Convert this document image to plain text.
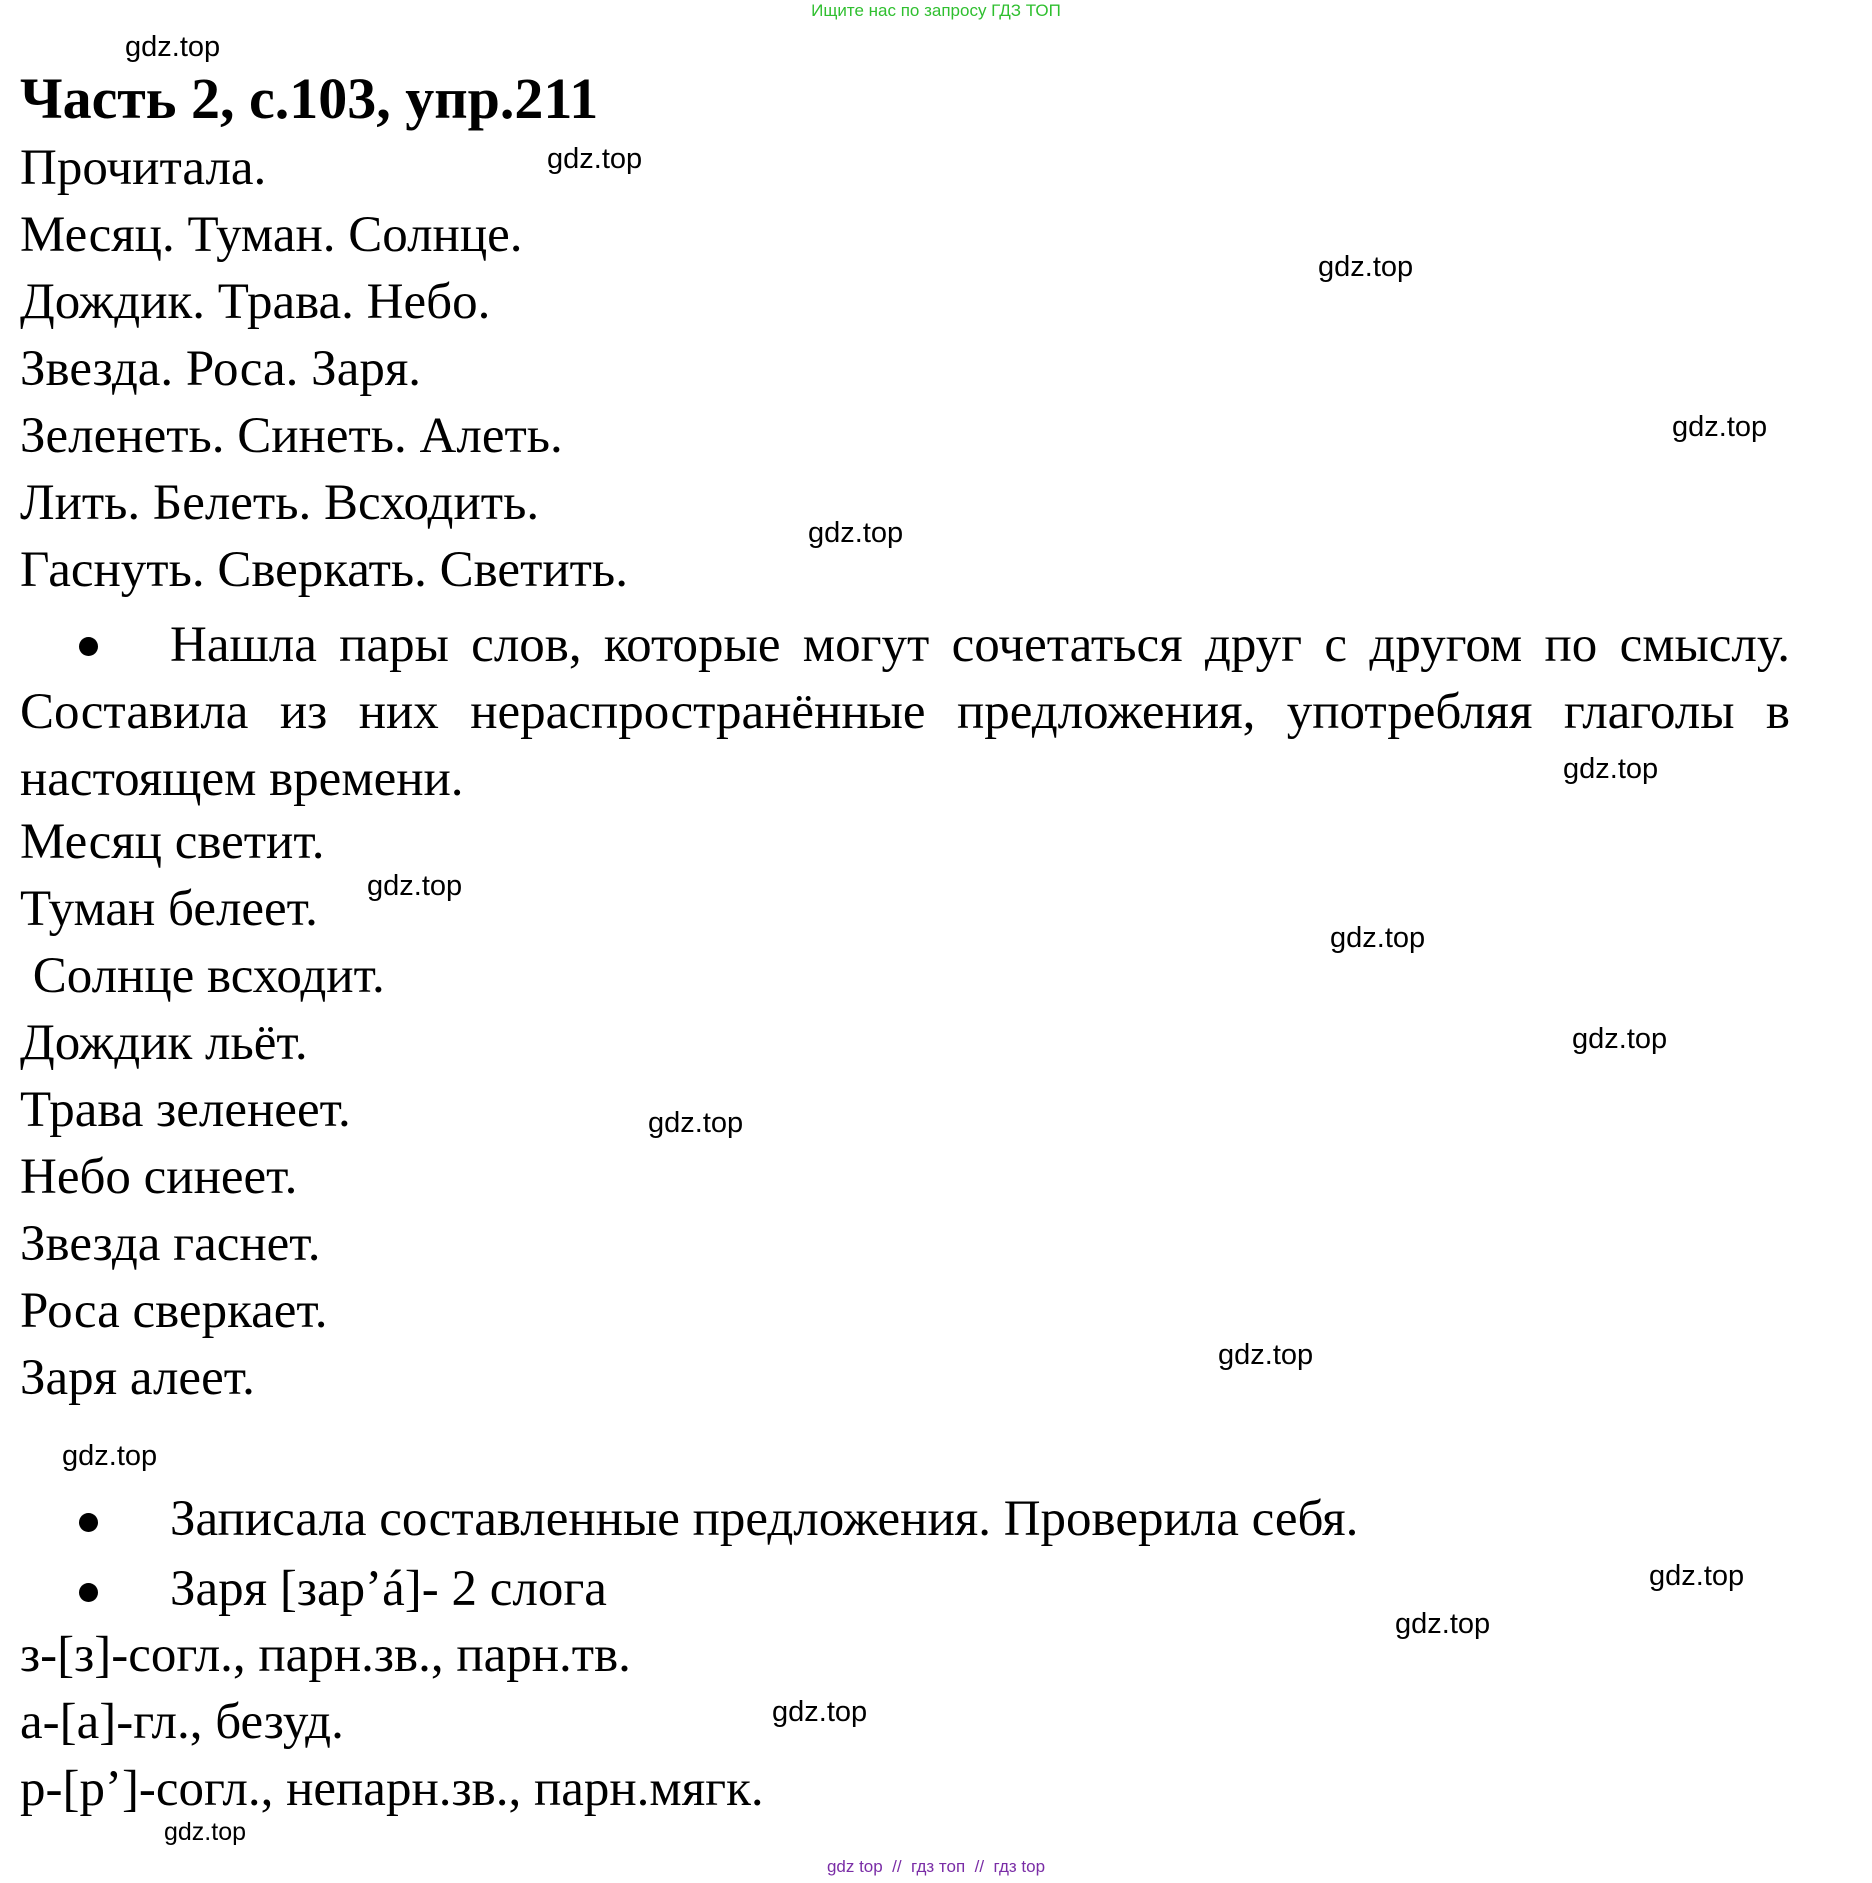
Ищите нас по запросу ГДЗ ТОП
gdz.top
gdz.top
gdz.top
gdz.top
gdz.top
gdz.top
gdz.top
gdz.top
gdz.top
gdz.top
gdz.top
gdz.top
gdz.top
gdz.top
gdz.top
gdz.top
Часть 2, с.103, упр.211
Прочитала.
Месяц. Туман. Солнце.
Дождик. Трава. Небо.
Звезда. Роса. Заря.
Зеленеть. Синеть. Алеть.
Лить. Белеть. Всходить.
Гаснуть. Сверкать. Светить.
Нашла пары слов, которые могут сочетаться друг с другом по смыслу. Составила из них нераспространённые предложения, употребляя глаголы в настоящем времени.
Месяц светит.
Туман белеет.
Солнце всходит.
Дождик льёт.
Трава зеленеет.
Небо синеет.
Звезда гаснет.
Роса сверкает.
Заря алеет.
Записала составленные предложения. Проверила себя.
Заря [зар’á]- 2 слога
з-[з]-согл., парн.зв., парн.тв.
а-[а]-гл., безуд.
р-[р’]-согл., непарн.зв., парн.мягк.
gdz top  //  гдз топ  //  гдз top
